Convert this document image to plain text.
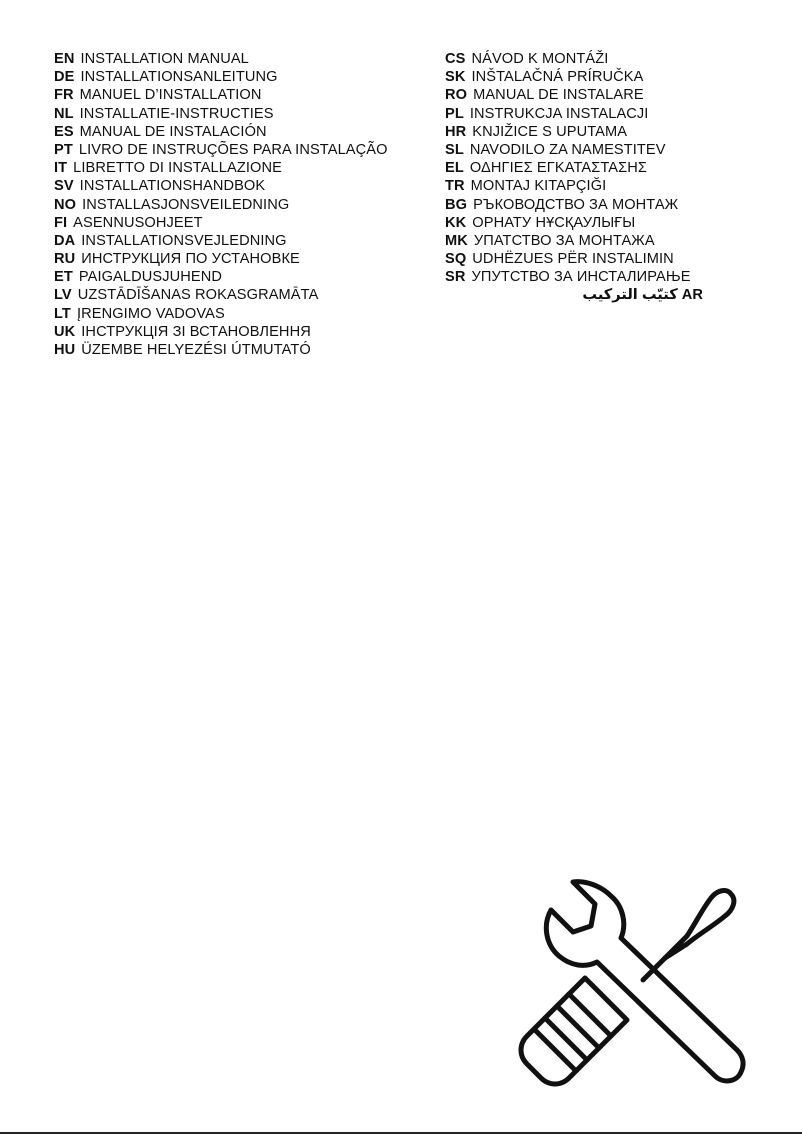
EN INSTALLATION MANUAL
DE INSTALLATIONSANLEITUNG
FR MANUEL D’INSTALLATION
NL INSTALLATIE-INSTRUCTIES
ES MANUAL DE INSTALACIÓN
PT LIVRO DE INSTRUÇÕES PARA INSTALAÇÃO
IT LIBRETTO DI INSTALLAZIONE
SV INSTALLATIONSHANDBOK
NO INSTALLASJONSVEILEDNING
FI ASENNUSOHJEET
DA INSTALLATIONSVEJLEDNING
RU ИНСТРУКЦИЯ ПО УСТАНОВКЕ
ET PAIGALDUSJUHEND
LV UZSTĀDĪŠANAS ROKASGRAMĀTA
LT ĮRENGIMO VADOVAS
UK ІНСТРУКЦІЯ ЗІ ВСТАНОВЛЕННЯ
HU ÜZEMBE HELYEZÉSI ÚTMUTATÓ
CS NÁVOD K MONTÁŽI
SK INŠTALAČNÁ PRÍRUČKA
RO MANUAL DE INSTALARE
PL INSTRUKCJA INSTALACJI
HR KNJIŽICE S UPUTAMA
SL NAVODILO ZA NAMESTITEV
EL ΟΔΗΓΙΕΣ ΕΓΚΑΤΑΣΤΑΣΗΣ
TR MONTAJ KITAPÇIĞI
BG РЪКОВОДСТВО ЗА МОНТАЖ
KK ОРНАТУ НҰСҚАУЛЫҒЫ
MK УПАТСТВО ЗА МОНТАЖА
SQ UDHËZUES PËR INSTALIMIN
SR УПУТСТВО ЗА ИНСТАЛИРАЊЕ
كتيّب التركيب AR
